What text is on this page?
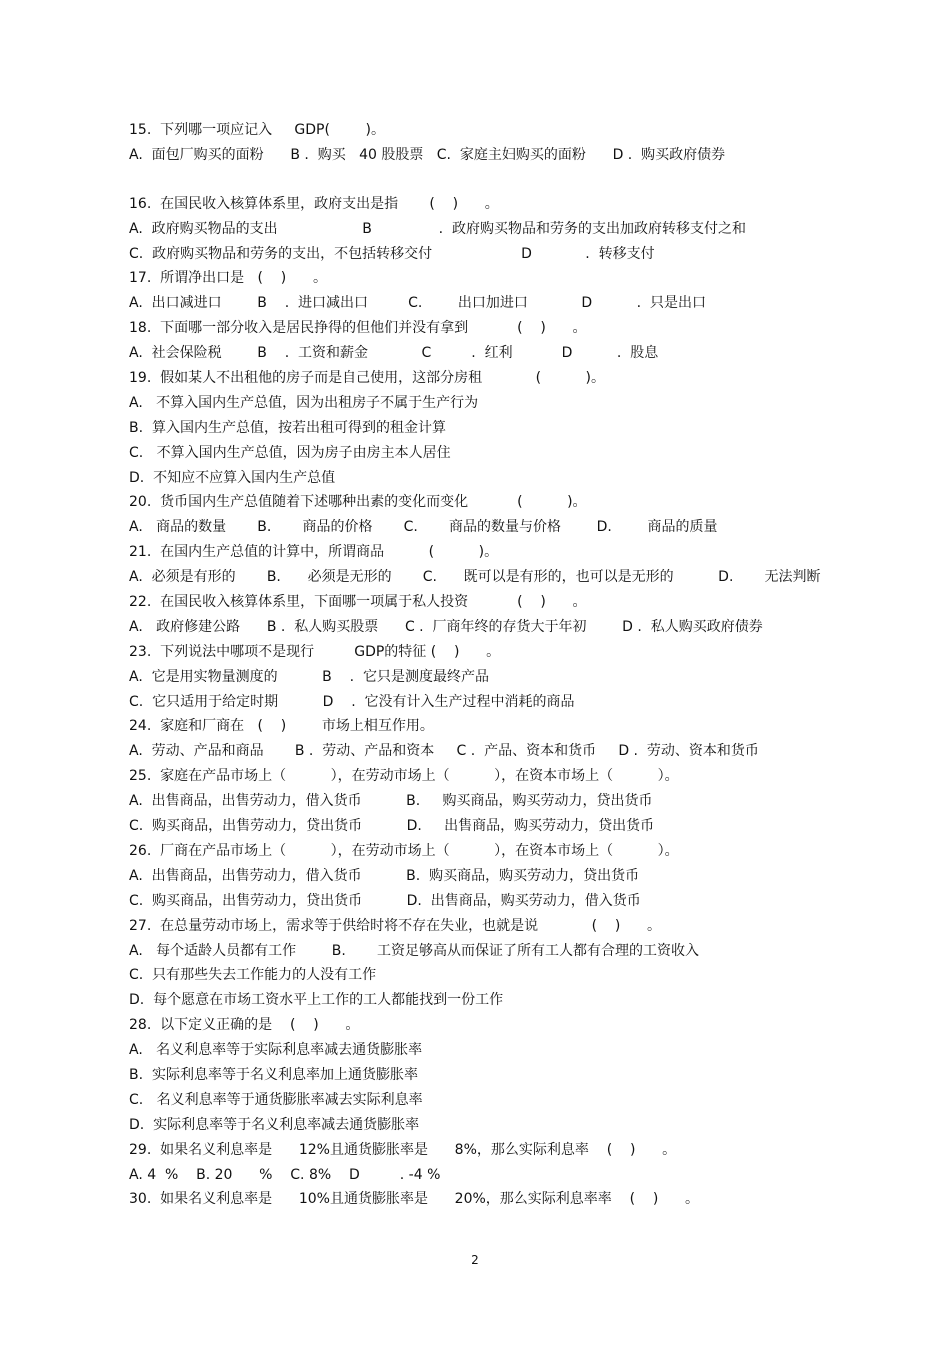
15.  下列哪一项应记入     GDP(        )。
A.  面包厂购买的面粉      B .  购买   40 股股票   C.  家庭主妇购买的面粉      D .  购买政府债券
16.  在国民收入核算体系里，政府支出是指       (    )      。
A.  政府购买物品的支出                   B               .  政府购买物品和劳务的支出加政府转移支付之和
C.  政府购买物品和劳务的支出，不包括转移交付                    D            .  转移支付
17.  所谓净出口是   (    )      。
A.  出口减进口        B    .  进口减出口         C.        出口加进口            D          .  只是出口
18.  下面哪一部分收入是居民挣得的但他们并没有拿到           (    )      。
A.  社会保险税        B    .  工资和薪金            C         .  红利           D          .  股息
19.  假如某人不出租他的房子而是自己使用，这部分房租            (          )。
A.   不算入国内生产总值，因为出租房子不属于生产行为
B.  算入国内生产总值，按若出租可得到的租金计算
C.   不算入国内生产总值，因为房子由房主本人居住
D.  不知应不应算入国内生产总值
20.  货币国内生产总值随着下述哪种出素的变化而变化           (          )。
A.   商品的数量       B.       商品的价格       C.       商品的数量与价格        D.        商品的质量
21.  在国内生产总值的计算中，所谓商品          (          )。
A.  必须是有形的       B.      必须是无形的       C.      既可以是有形的，也可以是无形的          D.       无法判断
22.  在国民收入核算体系里，下面哪一项属于私人投资           (    )      。
A.   政府修建公路      B .  私人购买股票      C .  厂商年终的存货大于年初        D .  私人购买政府债券
23.  下列说法中哪项不是现行         GDP的特征 (    )      。
A.  它是用实物量测度的          B    .  它只是测度最终产品
C.  它只适用于给定时期          D    .  它没有计入生产过程中消耗的商品
24.  家庭和厂商在   (    )        市场上相互作用。
A.  劳动、产品和商品       B .  劳动、产品和资本     C .  产品、资本和货币     D .  劳动、资本和货币
25.  家庭在产品市场上（          ），在劳动市场上（          ），在资本市场上（          ）。
A.  出售商品，出售劳动力，借入货币          B.     购买商品，购买劳动力，贷出货币
C.  购买商品，出售劳动力，贷出货币          D.     出售商品，购买劳动力，贷出货币
26.  厂商在产品市场上（          ），在劳动市场上（          ），在资本市场上（          ）。
A.  出售商品，出售劳动力，借入货币          B.  购买商品，购买劳动力，贷出货币
C.  购买商品，出售劳动力，贷出货币          D.  出售商品，购买劳动力，借入货币
27.  在总量劳动市场上，需求等于供给时将不存在失业，也就是说            (    )      。
A.   每个适龄人员都有工作        B.       工资足够高从而保证了所有工人都有合理的工资收入
C.  只有那些失去工作能力的人没有工作
D.  每个愿意在市场工资水平上工作的工人都能找到一份工作
28.  以下定义正确的是    (    )      。
A.   名义利息率等于实际利息率减去通货膨胀率
B.  实际利息率等于名义利息率加上通货膨胀率
C.   名义利息率等于通货膨胀率减去实际利息率
D.  实际利息率等于名义利息率减去通货膨胀率
29.  如果名义利息率是      12%且通货膨胀率是      8%，那么实际利息率    (    )      。
A. 4  %    B. 20      %    C. 8%    D         . -4 %
30.  如果名义利息率是      10%且通货膨胀率是      20%，那么实际利息率率    (    )      。
2
